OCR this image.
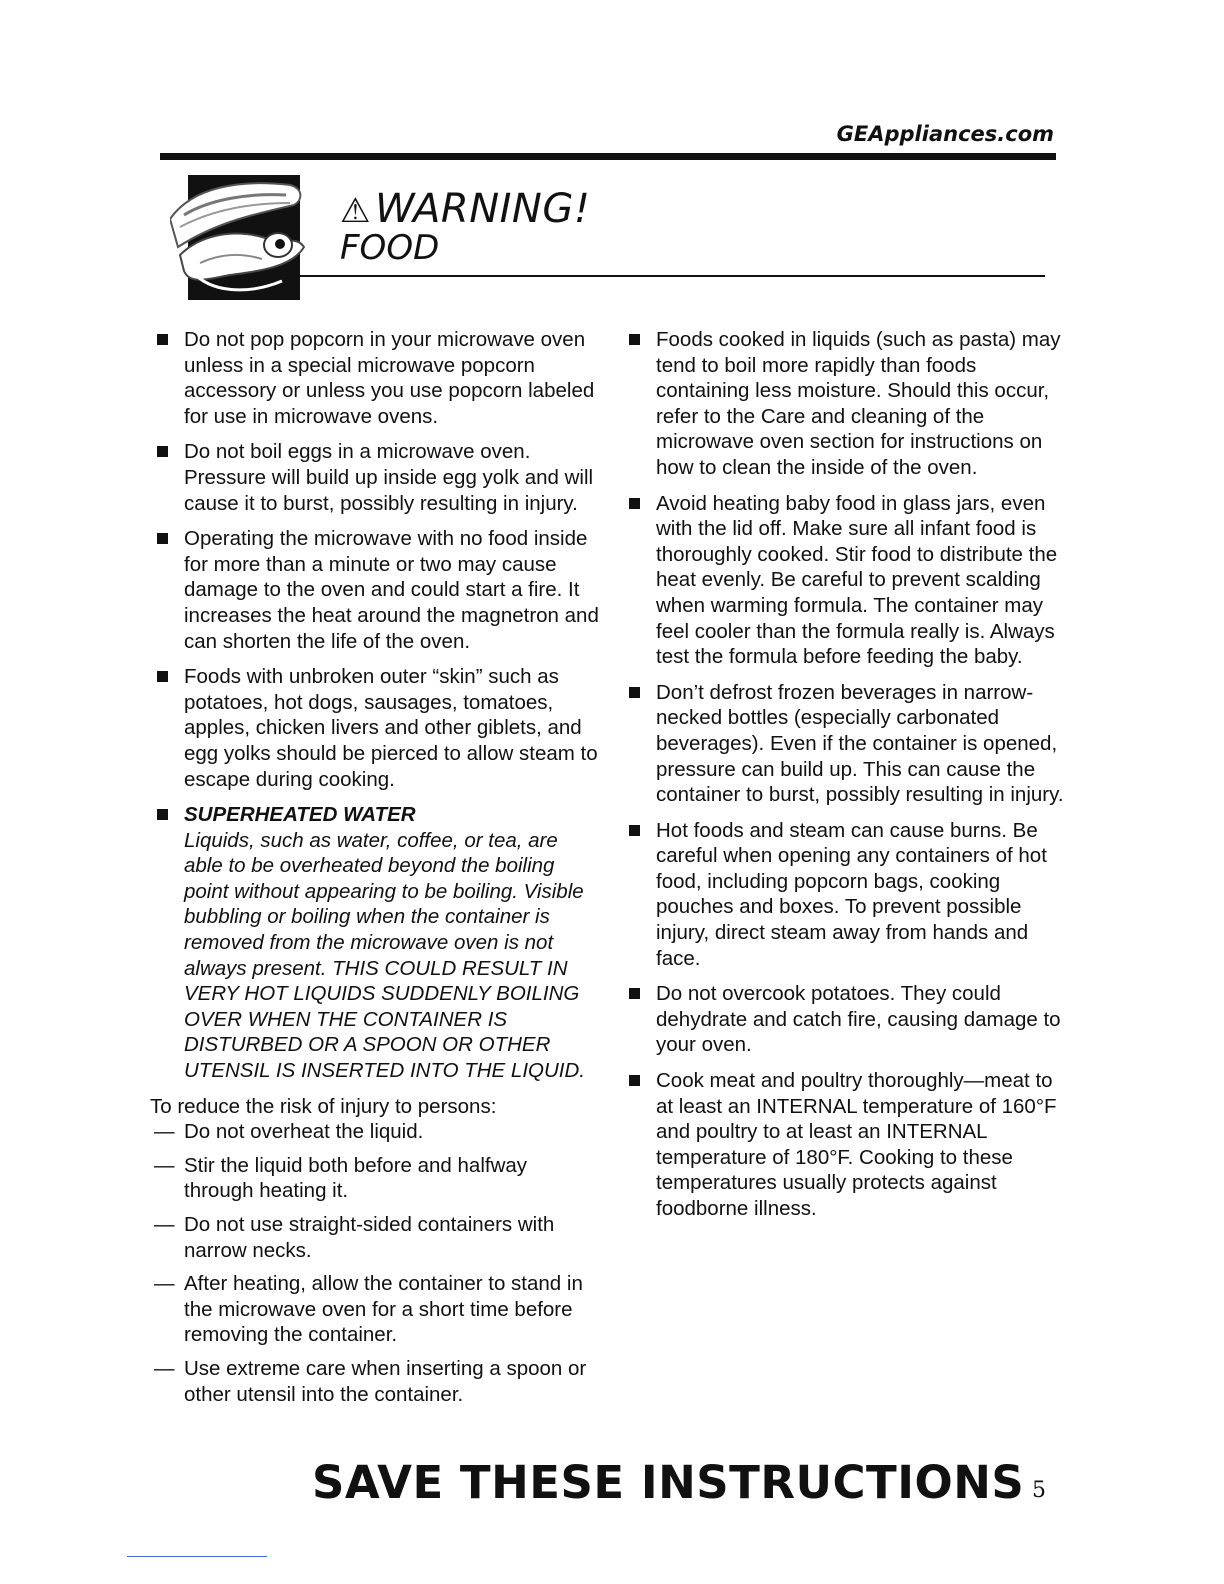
GEAppliances.com
⚠ WARNING!
FOOD
Do not pop popcorn in your microwave oven unless in a special microwave popcorn accessory or unless you use popcorn labeled for use in microwave ovens.
Do not boil eggs in a microwave oven. Pressure will build up inside egg yolk and will cause it to burst, possibly resulting in injury.
Operating the microwave with no food inside for more than a minute or two may cause damage to the oven and could start a fire. It increases the heat around the magnetron and can shorten the life of the oven.
Foods with unbroken outer “skin” such as potatoes, hot dogs, sausages, tomatoes, apples, chicken livers and other giblets, and egg yolks should be pierced to allow steam to escape during cooking.
SUPERHEATED WATER
Liquids, such as water, coffee, or tea, are able to be overheated beyond the boiling point without appearing to be boiling. Visible bubbling or boiling when the container is removed from the microwave oven is not always present. THIS COULD RESULT IN VERY HOT LIQUIDS SUDDENLY BOILING OVER WHEN THE CONTAINER IS DISTURBED OR A SPOON OR OTHER UTENSIL IS INSERTED INTO THE LIQUID.

To reduce the risk of injury to persons:

— Do not overheat the liquid.
— Stir the liquid both before and halfway through heating it.
— Do not use straight-sided containers with narrow necks.
— After heating, allow the container to stand in the microwave oven for a short time before removing the container.
— Use extreme care when inserting a spoon or other utensil into the container.
Foods cooked in liquids (such as pasta) may tend to boil more rapidly than foods containing less moisture. Should this occur, refer to the Care and cleaning of the microwave oven section for instructions on how to clean the inside of the oven.
Avoid heating baby food in glass jars, even with the lid off. Make sure all infant food is thoroughly cooked. Stir food to distribute the heat evenly. Be careful to prevent scalding when warming formula. The container may feel cooler than the formula really is. Always test the formula before feeding the baby.
Don’t defrost frozen beverages in narrow-necked bottles (especially carbonated beverages). Even if the container is opened, pressure can build up. This can cause the container to burst, possibly resulting in injury.
Hot foods and steam can cause burns. Be careful when opening any containers of hot food, including popcorn bags, cooking pouches and boxes. To prevent possible injury, direct steam away from hands and face.
Do not overcook potatoes. They could dehydrate and catch fire, causing damage to your oven.
Cook meat and poultry thoroughly—meat to at least an INTERNAL temperature of 160°F and poultry to at least an INTERNAL temperature of 180°F. Cooking to these temperatures usually protects against foodborne illness.
SAVE THESE INSTRUCTIONS 5
